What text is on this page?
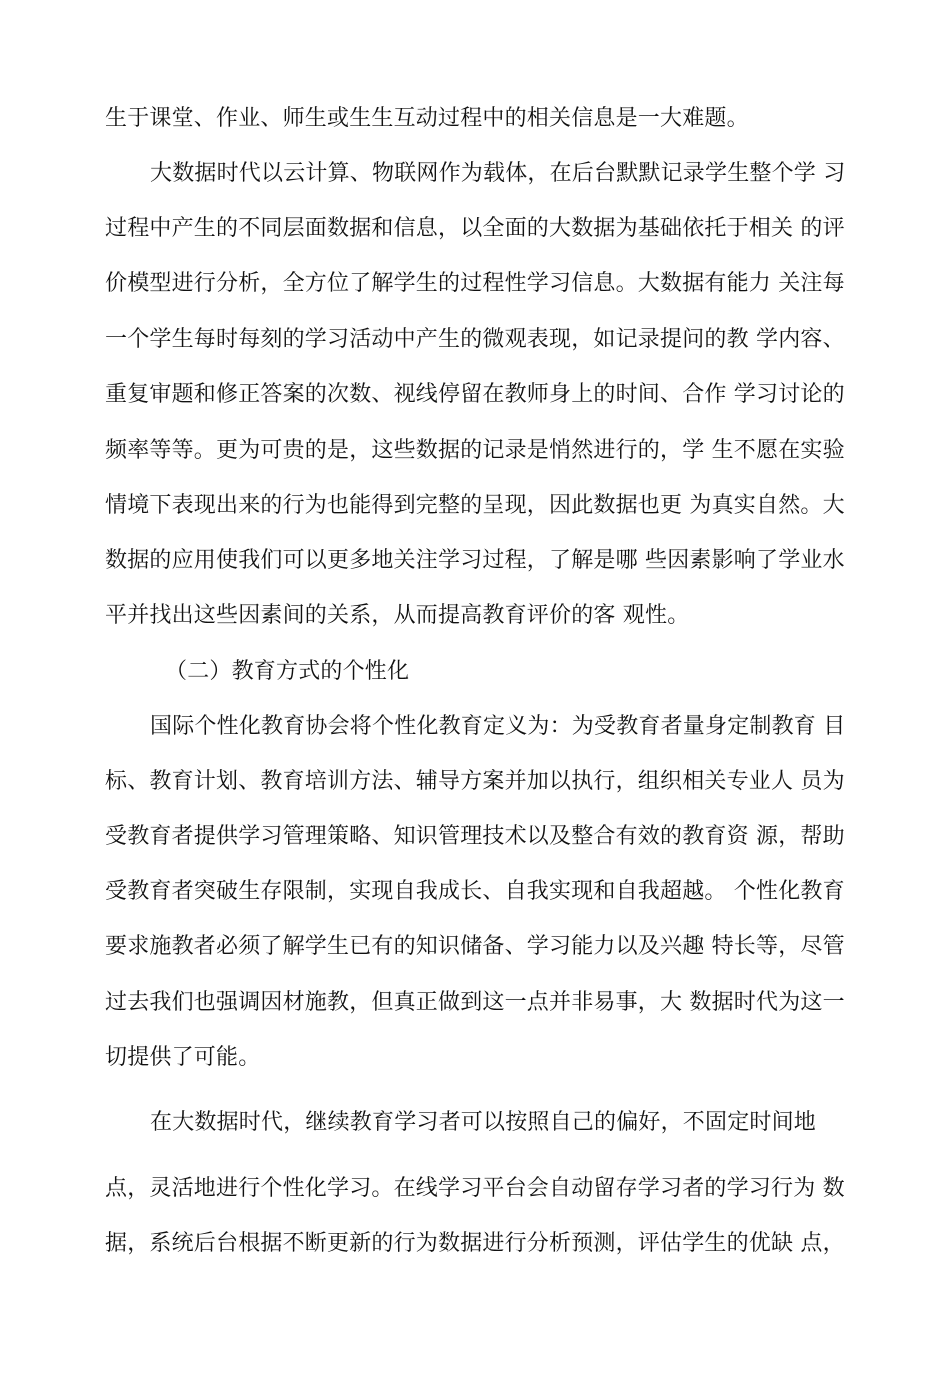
生于课堂、作业、师生或生生互动过程中的相关信息是一大难题。
大数据时代以云计算、物联网作为载体，在后台默默记录学生整个学 习
过程中产生的不同层面数据和信息，以全面的大数据为基础依托于相关 的评
价模型进行分析，全方位了解学生的过程性学习信息。大数据有能力 关注每
一个学生每时每刻的学习活动中产生的微观表现，如记录提问的教 学内容、
重复审题和修正答案的次数、视线停留在教师身上的时间、合作 学习讨论的
频率等等。更为可贵的是，这些数据的记录是悄然进行的，学 生不愿在实验
情境下表现出来的行为也能得到完整的呈现，因此数据也更 为真实自然。大
数据的应用使我们可以更多地关注学习过程，了解是哪 些因素影响了学业水
平并找出这些因素间的关系，从而提高教育评价的客 观性。
（二）教育方式的个性化
国际个性化教育协会将个性化教育定义为：为受教育者量身定制教育 目
标、教育计划、教育培训方法、辅导方案并加以执行，组织相关专业人 员为
受教育者提供学习管理策略、知识管理技术以及整合有效的教育资 源，帮助
受教育者突破生存限制，实现自我成长、自我实现和自我超越。 个性化教育
要求施教者必须了解学生已有的知识储备、学习能力以及兴趣 特长等，尽管
过去我们也强调因材施教，但真正做到这一点并非易事，大 数据时代为这一
切提供了可能。
在大数据时代，继续教育学习者可以按照自己的偏好，不固定时间地
点，灵活地进行个性化学习。在线学习平台会自动留存学习者的学习行为 数
据，系统后台根据不断更新的行为数据进行分析预测，评估学生的优缺 点，
